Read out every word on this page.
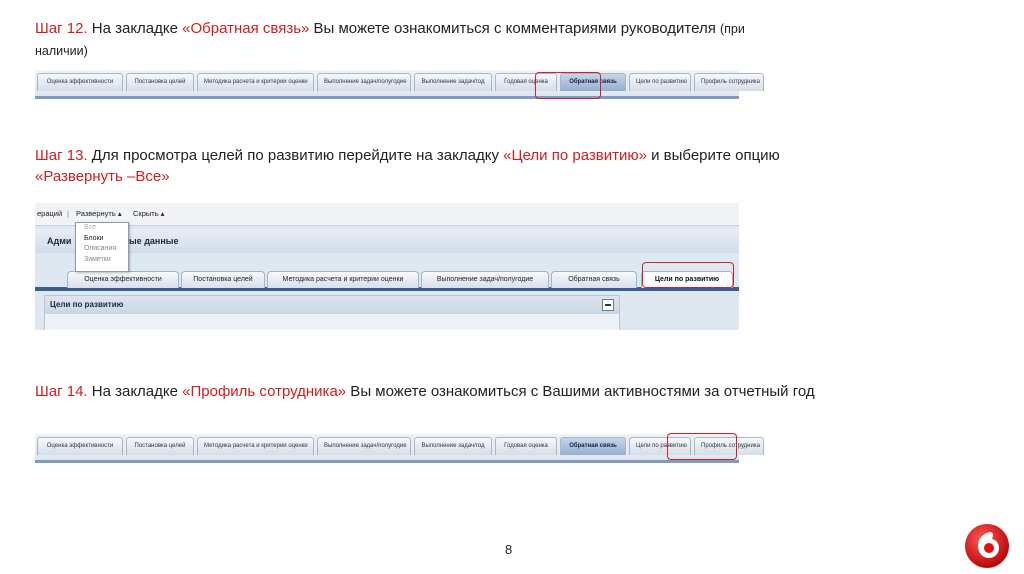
Шаг 12. На закладке «Обратная связь» Вы можете ознакомиться с комментариями руководителя (при
наличии)
Оценка эффективности	Постановка целей	Методика расчета и критерии оценки	Выполнение задач/полугодие	Выполнение задач/год	Годовая оценка	Обратная связь	Цели по развитию	Профиль сотрудника
Шаг 13. Для просмотра целей по развитию перейдите на закладку «Цели по развитию» и выберите опцию
«Развернуть –Все»
ераций | Развернуть ▴ Скрыть ▴
Адми	ые данные
Все
Блоки
Описания
Заметки
Оценка эффективности	Постановка целей	Методика расчета и критерии оценки	Выполнение задач/полугодие	Обратная связь	Цели по развитию
Цели по развитию
Шаг 14. На закладке «Профиль сотрудника» Вы можете ознакомиться с Вашими активностями за отчетный год
Оценка эффективности	Постановка целей	Методика расчета и критерии оценки	Выполнение задач/полугодие	Выполнение задач/год	Годовая оценка	Обратная связь	Цели по развитию	Профиль сотрудника
8
